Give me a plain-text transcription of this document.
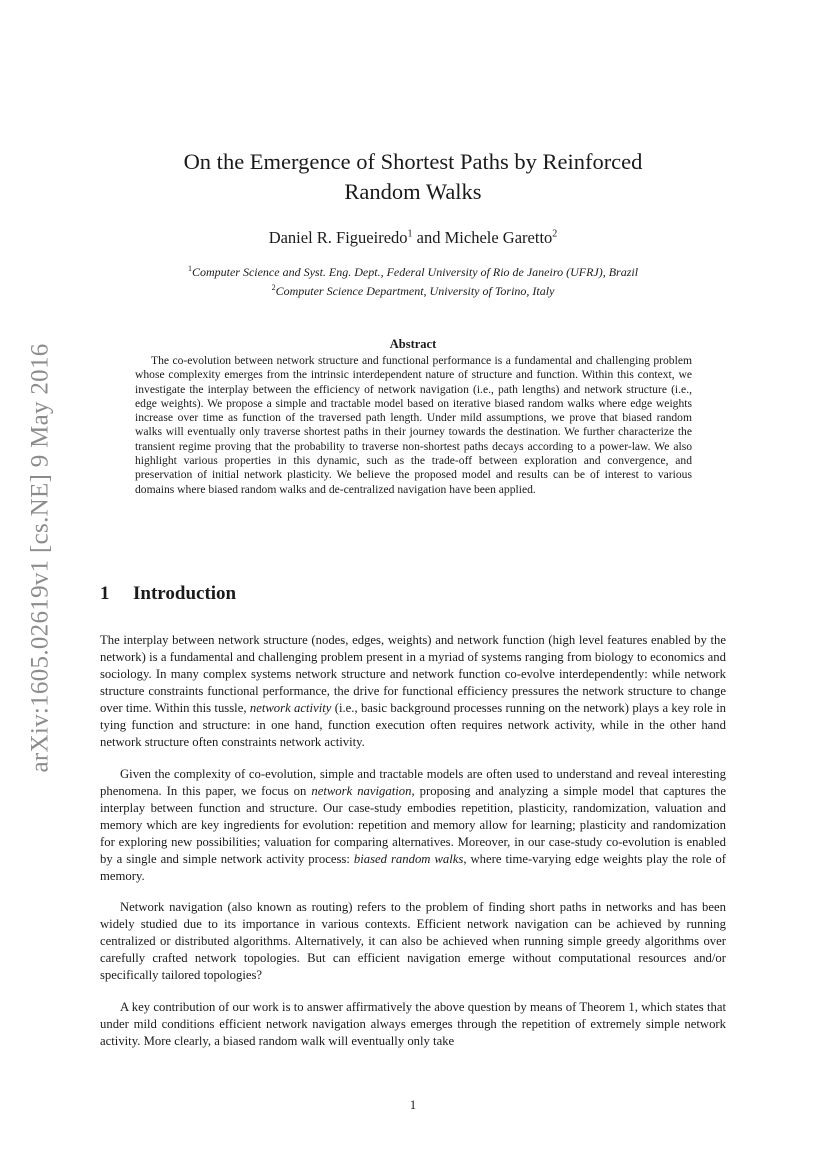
arXiv:1605.02619v1 [cs.NE] 9 May 2016
On the Emergence of Shortest Paths by Reinforced
Random Walks
Daniel R. Figueiredo$^1$ and Michele Garetto$^2$
$^1$Computer Science and Syst. Eng. Dept., Federal University of Rio de Janeiro (UFRJ), Brazil
$^2$Computer Science Department, University of Torino, Italy
Abstract

The co-evolution between network structure and functional performance is a fundamental and challenging problem whose complexity emerges from the intrinsic interdependent nature of structure and function. Within this context, we investigate the interplay between the efficiency of network navigation (i.e., path lengths) and network structure (i.e., edge weights). We propose a simple and tractable model based on iterative biased random walks where edge weights increase over time as function of the traversed path length. Under mild assumptions, we prove that biased random walks will eventually only traverse shortest paths in their journey towards the destination. We further characterize the transient regime proving that the probability to traverse non-shortest paths decays according to a power-law. We also highlight various properties in this dynamic, such as the trade-off between exploration and convergence, and preservation of initial network plasticity. We believe the proposed model and results can be of interest to various domains where biased random walks and de-centralized navigation have been applied.

1 Introduction

The interplay between network structure (nodes, edges, weights) and network function (high level features enabled by the network) is a fundamental and challenging problem present in a myriad of systems ranging from biology to economics and sociology. In many complex systems network structure and network function co-evolve interdependently: while network structure constraints functional performance, the drive for functional efficiency pressures the network structure to change over time. Within this tussle, network activity (i.e., basic background processes running on the network) plays a key role in tying function and structure: in one hand, function execution often requires network activity, while in the other hand network structure often constraints network activity.

Given the complexity of co-evolution, simple and tractable models are often used to understand and reveal interesting phenomena. In this paper, we focus on network navigation, proposing and analyzing a simple model that captures the interplay between function and structure. Our case-study embodies repetition, plasticity, randomization, valuation and memory which are key ingredients for evolution: repetition and memory allow for learning; plasticity and randomization for exploring new possibilities; valuation for comparing alternatives. Moreover, in our case-study co-evolution is enabled by a single and simple network activity process: biased random walks, where time-varying edge weights play the role of memory.

Network navigation (also known as routing) refers to the problem of finding short paths in networks and has been widely studied due to its importance in various contexts. Efficient network navigation can be achieved by running centralized or distributed algorithms. Alternatively, it can also be achieved when running simple greedy algorithms over carefully crafted network topologies. But can efficient navigation emerge without computational resources and/or specifically tailored topologies?

A key contribution of our work is to answer affirmatively the above question by means of Theorem 1, which states that under mild conditions efficient network navigation always emerges through the repetition of extremely simple network activity. More clearly, a biased random walk will eventually only take

1
